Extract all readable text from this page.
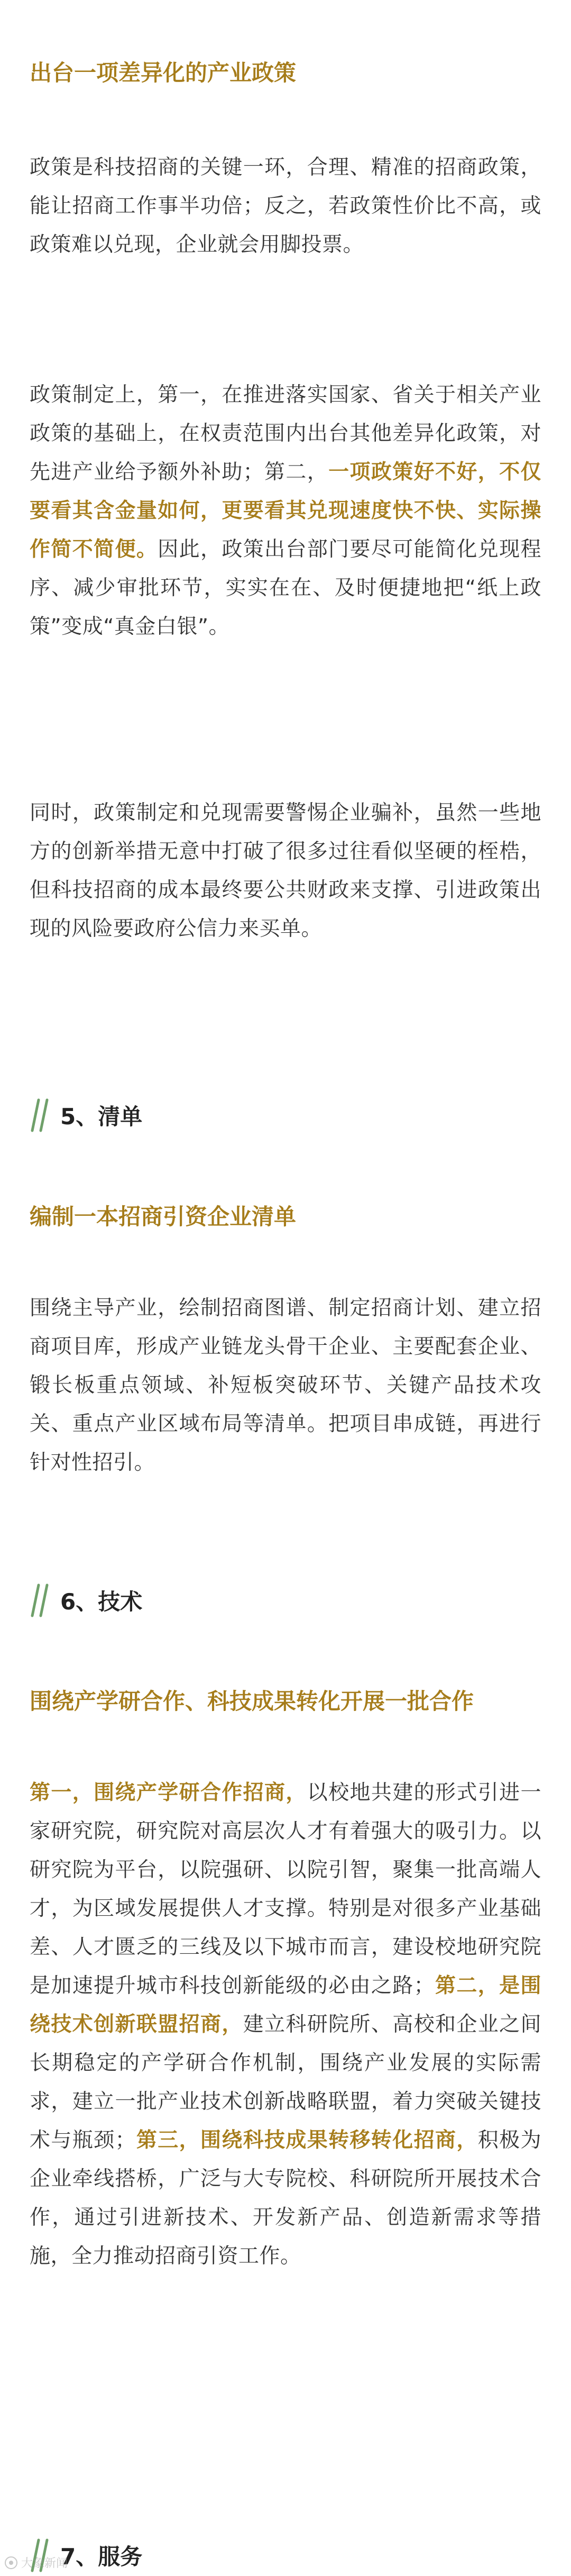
出台一项差异化的产业政策

政策是科技招商的关键一环，合理、精准的招商政策，能让招商工作事半功倍；反之，若政策性价比不高，或政策难以兑现，企业就会用脚投票。

政策制定上，第一，在推进落实国家、省关于相关产业政策的基础上，在权责范围内出台其他差异化政策，对先进产业给予额外补助；第二，一项政策好不好，不仅要看其含金量如何，更要看其兑现速度快不快、实际操作简不简便。因此，政策出台部门要尽可能简化兑现程序、减少审批环节，实实在在、及时便捷地把“纸上政策”变成“真金白银”。

同时，政策制定和兑现需要警惕企业骗补，虽然一些地方的创新举措无意中打破了很多过往看似坚硬的桎梏，但科技招商的成本最终要公共财政来支撑、引进政策出现的风险要政府公信力来买单。

5、清单
编制一本招商引资企业清单

围绕主导产业，绘制招商图谱、制定招商计划、建立招商项目库，形成产业链龙头骨干企业、主要配套企业、锻长板重点领域、补短板突破环节、关键产品技术攻关、重点产业区域布局等清单。把项目串成链，再进行针对性招引。

6、技术
围绕产学研合作、科技成果转化开展一批合作

第一，围绕产学研合作招商，以校地共建的形式引进一家研究院，研究院对高层次人才有着强大的吸引力。以研究院为平台，以院强研、以院引智，聚集一批高端人才，为区域发展提供人才支撑。特别是对很多产业基础差、人才匮乏的三线及以下城市而言，建设校地研究院是加速提升城市科技创新能级的必由之路；第二，是围绕技术创新联盟招商，建立科研院所、高校和企业之间长期稳定的产学研合作机制，围绕产业发展的实际需求，建立一批产业技术创新战略联盟，着力突破关键技术与瓶颈；第三，围绕科技成果转移转化招商，积极为企业牵线搭桥，广泛与大专院校、科研院所开展技术合作，通过引进新技术、开发新产品、创造新需求等措施，全力推动招商引资工作。

7、服务
大象新闻
